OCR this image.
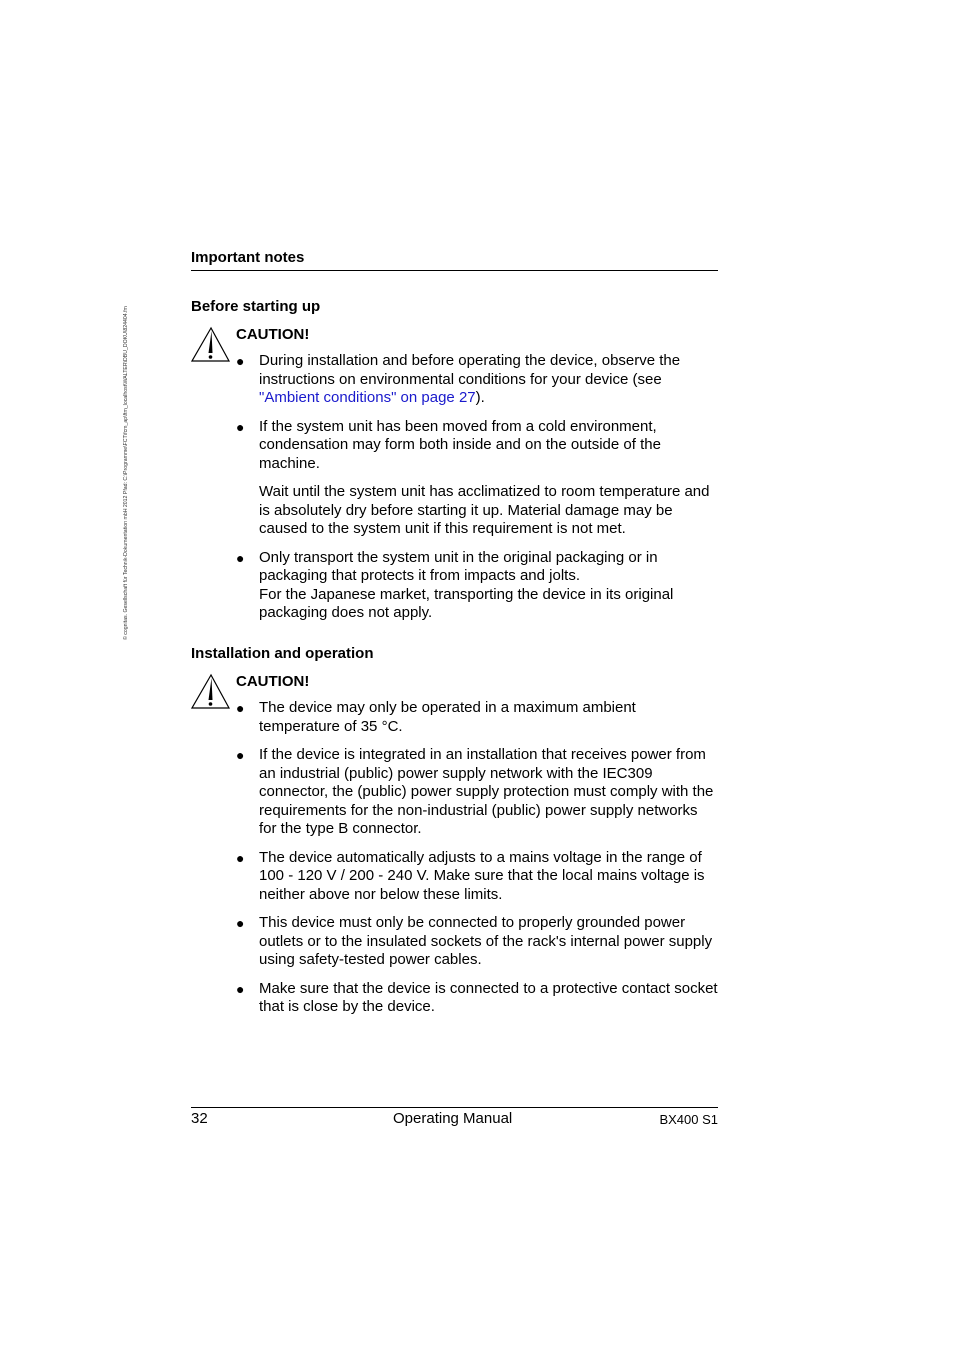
© cognitas. Gesellschaft für Technik-Dokumentation mbH 2012 Pfad: C:\Programme\FCT\fcm_ap\ftm_localhost\WALTER\DBU_DOKU\824404.fm
Important notes
Before starting up
CAUTION!
● During installation and before operating the device, observe the instructions on environmental conditions for your device (see "Ambient conditions" on page 27).

● If the system unit has been moved from a cold environment, condensation may form both inside and on the outside of the machine.

Wait until the system unit has acclimatized to room temperature and is absolutely dry before starting it up. Material damage may be caused to the system unit if this requirement is not met.

● Only transport the system unit in the original packaging or in packaging that protects it from impacts and jolts.

For the Japanese market, transporting the device in its original packaging does not apply.

Installation and operation
CAUTION!
● The device may only be operated in a maximum ambient temperature of 35 °C.

● If the device is integrated in an installation that receives power from an industrial (public) power supply network with the IEC309 connector, the (public) power supply protection must comply with the requirements for the non-industrial (public) power supply networks for the type B connector.

● The device automatically adjusts to a mains voltage in the range of 100 - 120 V / 200 - 240 V. Make sure that the local mains voltage is neither above nor below these limits.

● This device must only be connected to properly grounded power outlets or to the insulated sockets of the rack's internal power supply using safety-tested power cables.

● Make sure that the device is connected to a protective contact socket that is close by the device.

32	Operating Manual	BX400 S1
